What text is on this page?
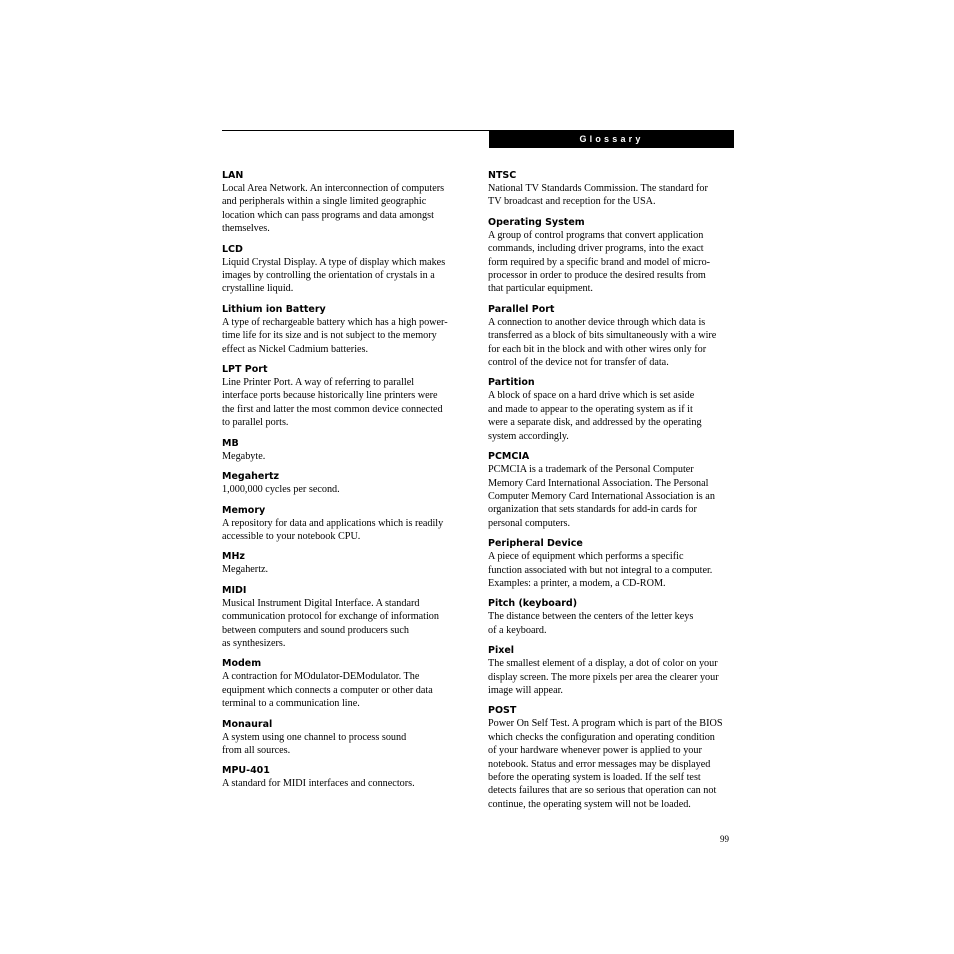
Glossary
LAN
Local Area Network. An interconnection of computers
and peripherals within a single limited geographic
location which can pass programs and data amongst
themselves.
LCD
Liquid Crystal Display. A type of display which makes
images by controlling the orientation of crystals in a
crystalline liquid.
Lithium ion Battery
A type of rechargeable battery which has a high power-
time life for its size and is not subject to the memory
effect as Nickel Cadmium batteries.
LPT Port
Line Printer Port. A way of referring to parallel
interface ports because historically line printers were
the first and latter the most common device connected
to parallel ports.
MB
Megabyte.
Megahertz
1,000,000 cycles per second.
Memory
A repository for data and applications which is readily
accessible to your notebook CPU.
MHz
Megahertz.
MIDI
Musical Instrument Digital Interface. A standard
communication protocol for exchange of information
between computers and sound producers such
as synthesizers.
Modem
A contraction for MOdulator-DEModulator. The
equipment which connects a computer or other data
terminal to a communication line.
Monaural
A system using one channel to process sound
from all sources.
MPU-401
A standard for MIDI interfaces and connectors.
NTSC
National TV Standards Commission. The standard for
TV broadcast and reception for the USA.
Operating System
A group of control programs that convert application
commands, including driver programs, into the exact
form required by a specific brand and model of micro-
processor in order to produce the desired results from
that particular equipment.
Parallel Port
A connection to another device through which data is
transferred as a block of bits simultaneously with a wire
for each bit in the block and with other wires only for
control of the device not for transfer of data.
Partition
A block of space on a hard drive which is set aside
and made to appear to the operating system as if it
were a separate disk, and addressed by the operating
system accordingly.
PCMCIA
PCMCIA is a trademark of the Personal Computer
Memory Card International Association. The Personal
Computer Memory Card International Association is an
organization that sets standards for add-in cards for
personal computers.
Peripheral Device
A piece of equipment which performs a specific
function associated with but not integral to a computer.
Examples: a printer, a modem, a CD-ROM.
Pitch (keyboard)
The distance between the centers of the letter keys
of a keyboard.
Pixel
The smallest element of a display, a dot of color on your
display screen. The more pixels per area the clearer your
image will appear.
POST
Power On Self Test. A program which is part of the BIOS
which checks the configuration and operating condition
of your hardware whenever power is applied to your
notebook. Status and error messages may be displayed
before the operating system is loaded. If the self test
detects failures that are so serious that operation can not
continue, the operating system will not be loaded.
99
